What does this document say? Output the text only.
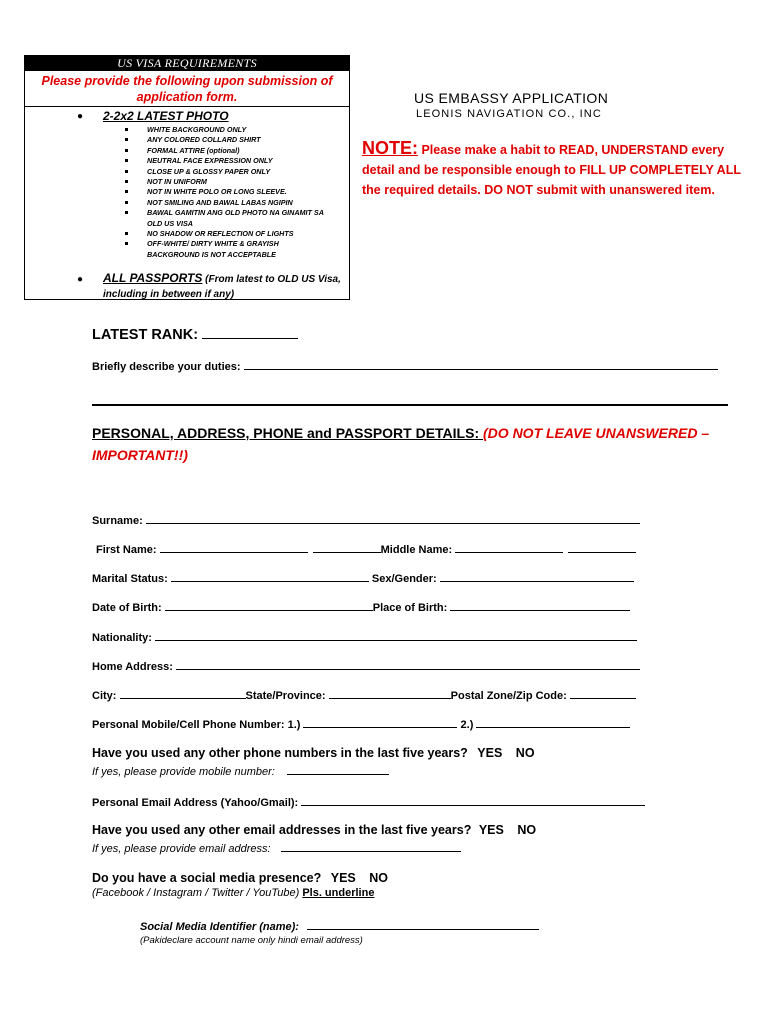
US VISA REQUIREMENTS
Please provide the following upon submission of
application form.
● 2-2x2 LATEST PHOTO
WHITE BACKGROUND ONLY
ANY COLORED COLLARD SHIRT
FORMAL ATTIRE (optional)
NEUTRAL FACE EXPRESSION ONLY
CLOSE UP & GLOSSY PAPER ONLY
NOT IN UNIFORM
NOT IN WHITE POLO OR LONG SLEEVE.
NOT SMILING AND BAWAL LABAS NGIPIN
BAWAL GAMITIN ANG OLD PHOTO NA GINAMIT SA
OLD US VISA
NO SHADOW OR REFLECTION OF LIGHTS
OFF-WHITE/ DIRTY WHITE & GRAYISH
BACKGROUND IS NOT ACCEPTABLE
● ALL PASSPORTS (From latest to OLD US Visa,
including in between if any)
US EMBASSY APPLICATION
LEONIS NAVIGATION CO., INC
NOTE: Please make a habit to READ, UNDERSTAND every detail and be responsible enough to FILL UP COMPLETELY ALL the required details. DO NOT submit with unanswered item.
LATEST RANK:
Briefly describe your duties:
PERSONAL, ADDRESS, PHONE and PASSPORT DETAILS: (DO NOT LEAVE UNANSWERED – IMPORTANT!!)
Surname:
First Name:	Middle Name:
Marital Status:	Sex/Gender:
Date of Birth:	Place of Birth:
Nationality:
Home Address:
City:	State/Province:	Postal Zone/Zip Code:
Personal Mobile/Cell Phone Number: 1.)	2.)
Have you used any other phone numbers in the last five years? YES NO
If yes, please provide mobile number:
Personal Email Address (Yahoo/Gmail):
Have you used any other email addresses in the last five years? YES NO
If yes, please provide email address:
Do you have a social media presence? YES NO
(Facebook / Instagram / Twitter / YouTube) Pls. underline
Social Media Identifier (name):
(Pakideclare account name only hindi email address)
